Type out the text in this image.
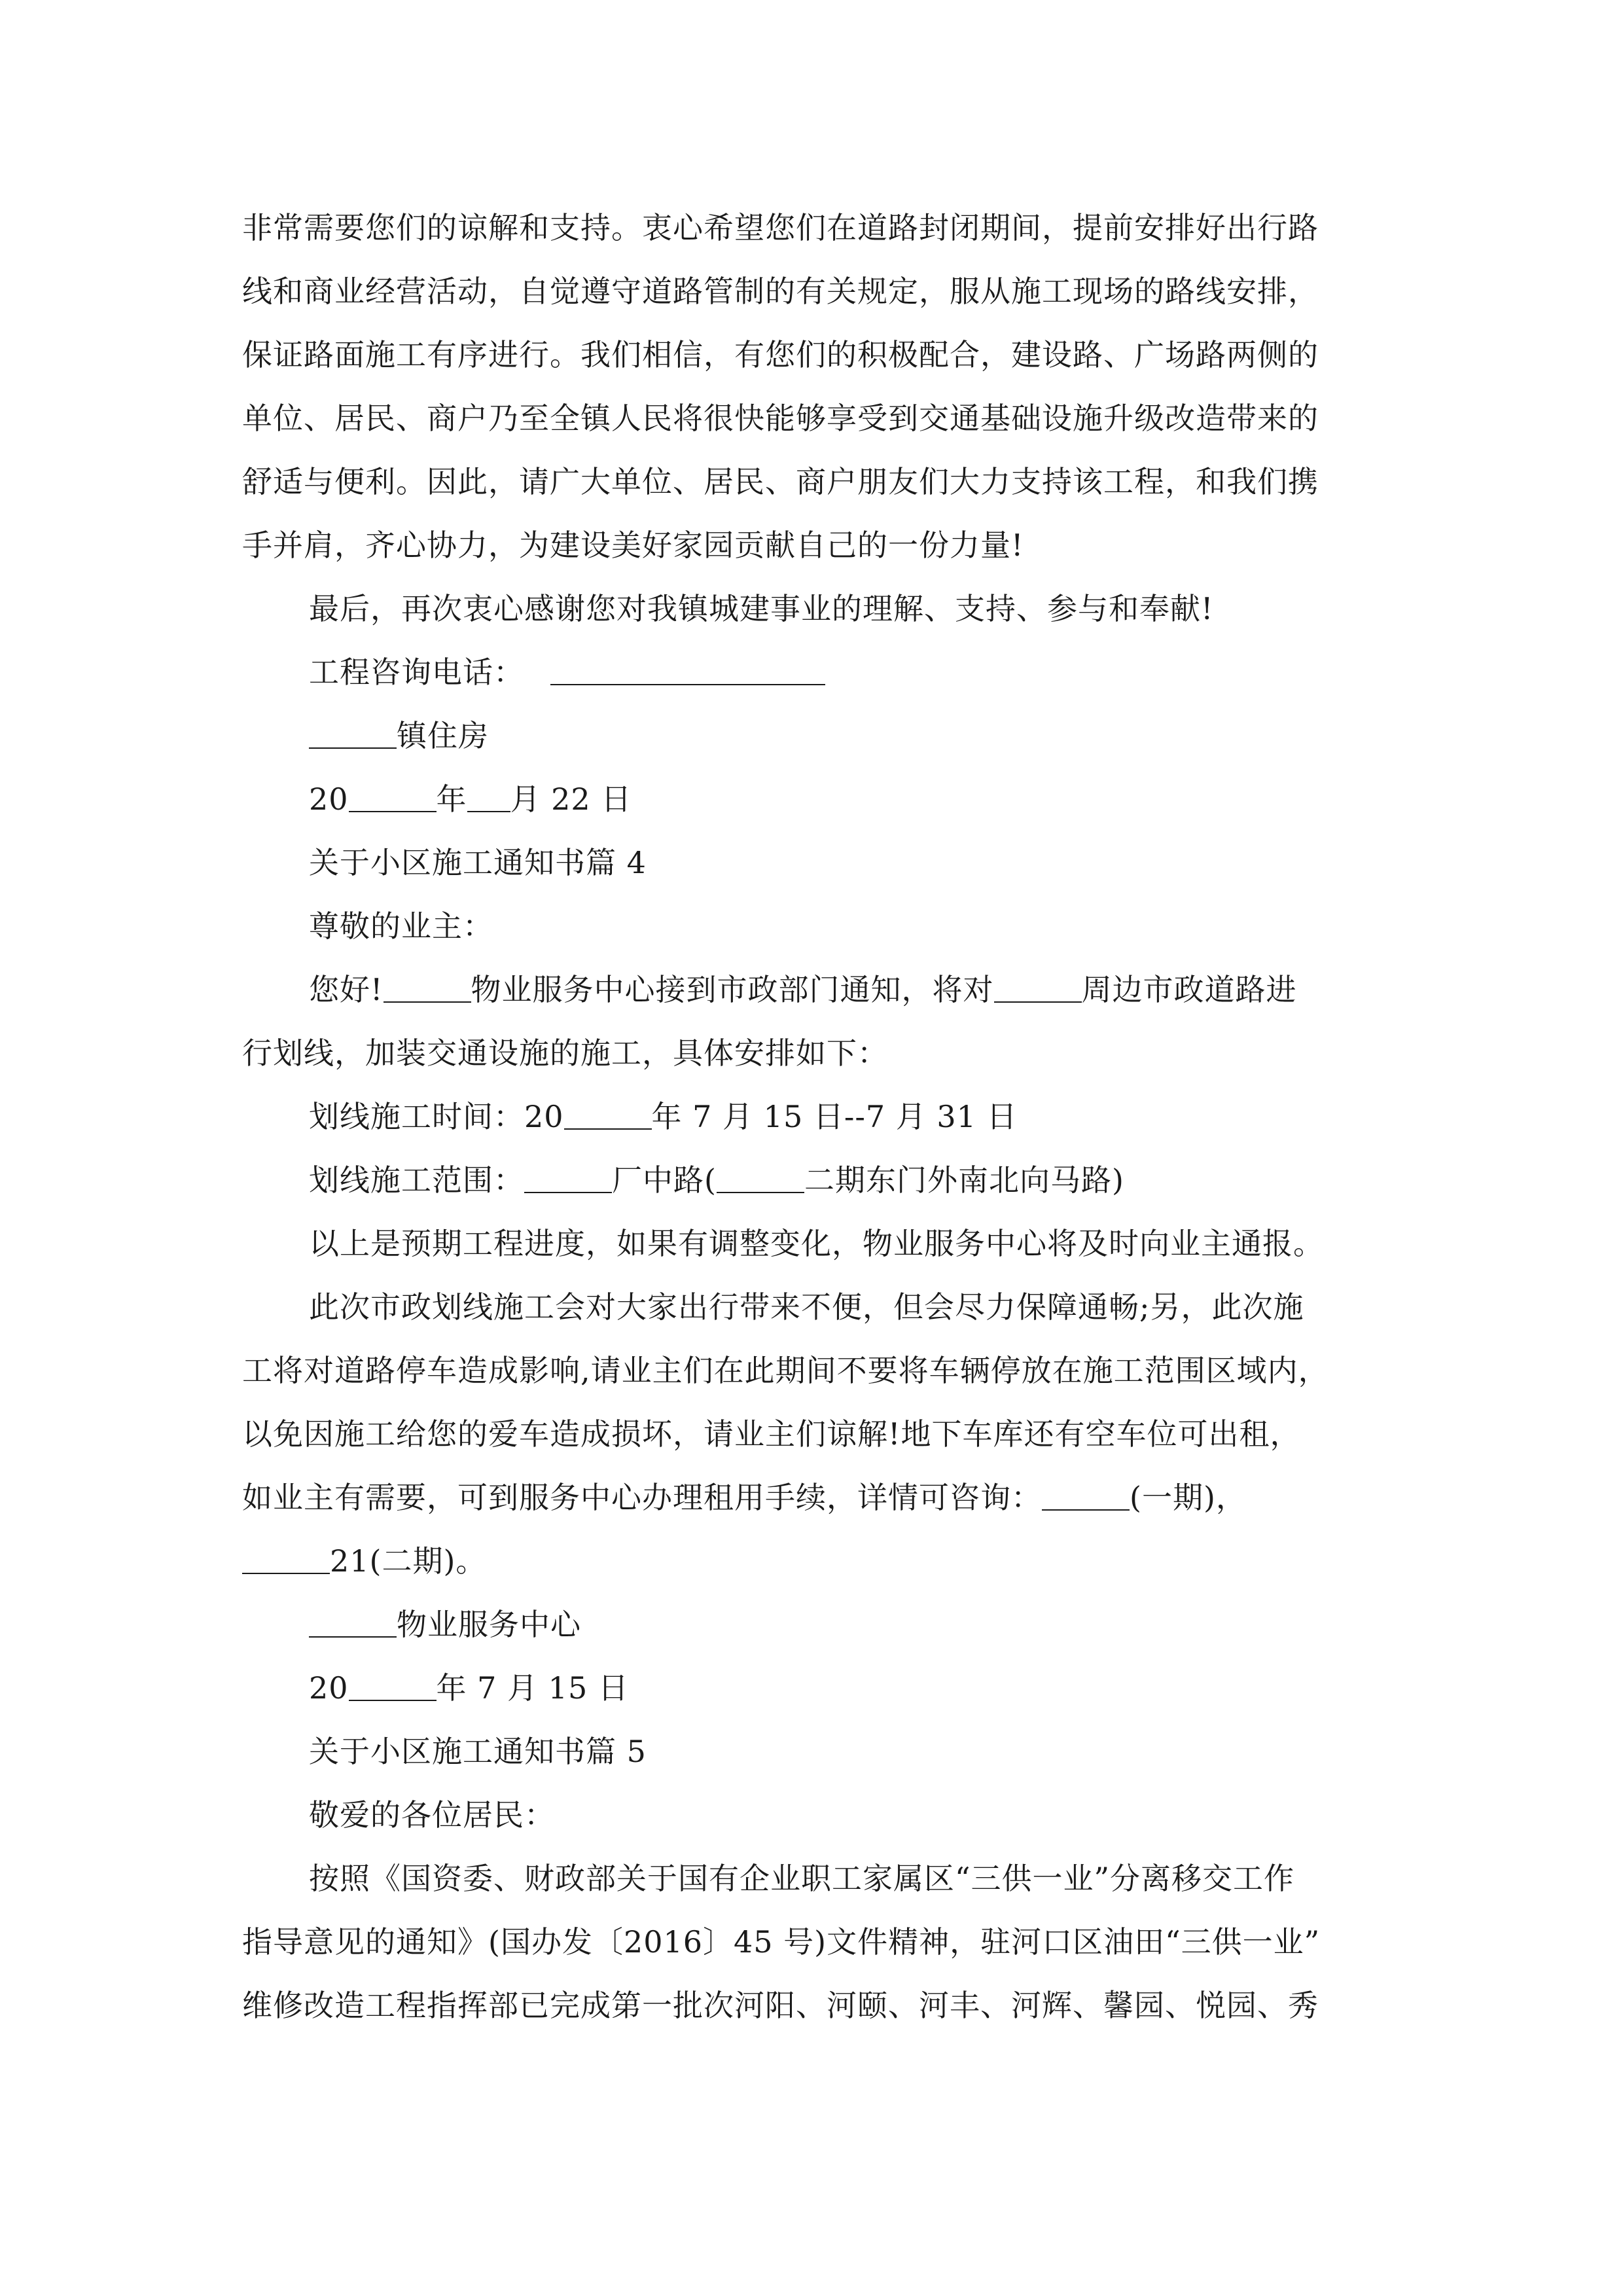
非常需要您们的谅解和支持。衷心希望您们在道路封闭期间，提前安排好出行路
线和商业经营活动，自觉遵守道路管制的有关规定，服从施工现场的路线安排，
保证路面施工有序进行。我们相信，有您们的积极配合，建设路、广场路两侧的
单位、居民、商户乃至全镇人民将很快能够享受到交通基础设施升级改造带来的
舒适与便利。因此，请广大单位、居民、商户朋友们大力支持该工程，和我们携
手并肩，齐心协力，为建设美好家园贡献自己的一份力量!
最后，再次衷心感谢您对我镇城建事业的理解、支持、参与和奉献!
工程咨询电话：
镇住房
20	年 月 22 日
关于小区施工通知书篇 4
尊敬的业主：
您好!	物业服务中心接到市政部门通知，将对	周边市政道路进
行划线，加装交通设施的施工，具体安排如下：
划线施工时间：20	年 7 月 15 日--7 月 31 日
划线施工范围：	厂中路(	二期东门外南北向马路)
以上是预期工程进度，如果有调整变化，物业服务中心将及时向业主通报。
此次市政划线施工会对大家出行带来不便，但会尽力保障通畅;另，此次施
工将对道路停车造成影响,请业主们在此期间不要将车辆停放在施工范围区域内，
以免因施工给您的爱车造成损坏，请业主们谅解!地下车库还有空车位可出租，
如业主有需要，可到服务中心办理租用手续，详情可咨询：	(一期)，
21(二期)。
物业服务中心
20	年 7 月 15 日
关于小区施工通知书篇 5
敬爱的各位居民：
按照《国资委、财政部关于国有企业职工家属区“三供一业”分离移交工作
指导意见的通知》(国办发〔2016〕45 号)文件精神，驻河口区油田“三供一业”
维修改造工程指挥部已完成第一批次河阳、河颐、河丰、河辉、馨园、悦园、秀
